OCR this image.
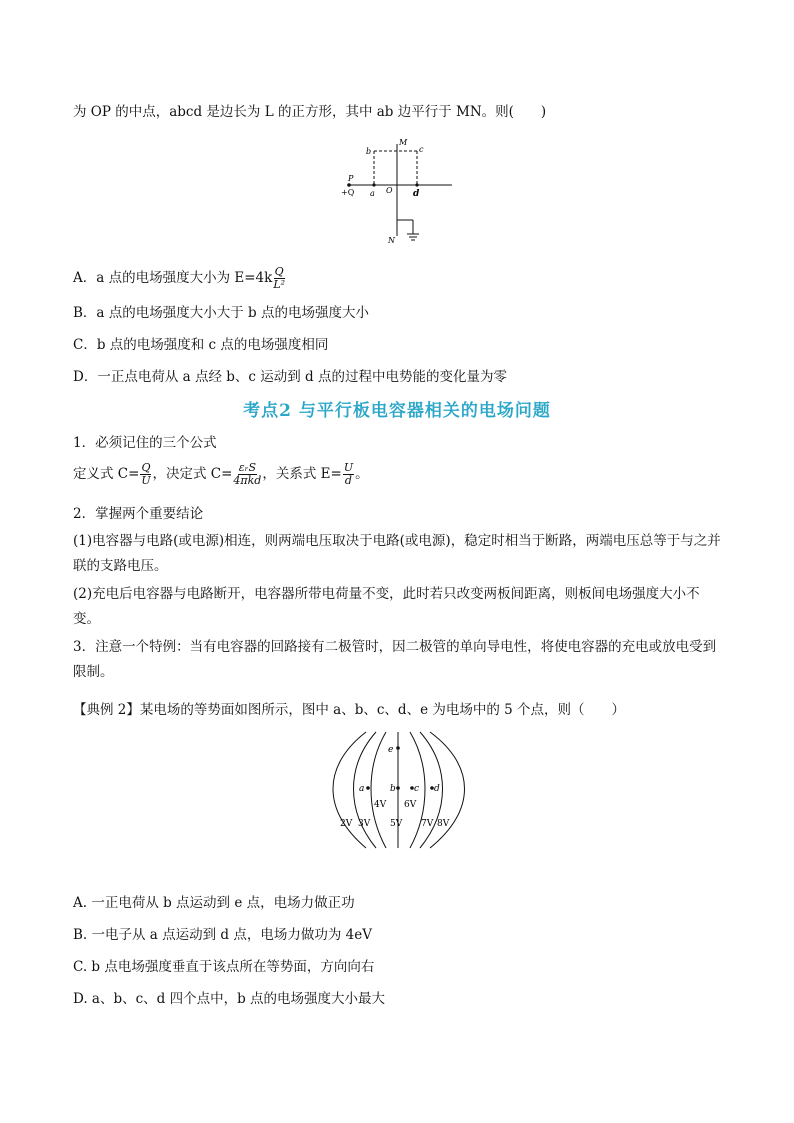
为 OP 的中点，abcd 是边长为 L 的正方形，其中 ab 边平行于 MN。则(　　)
M
b	c
P
+Q a O d
N
A．a 点的电场强度大小为 $E=4k \frac{Q}{\text{L²}}$
B．a 点的电场强度大小大于 b 点的电场强度大小
C．b 点的电场强度和 c 点的电场强度相同
D．一正点电荷从 a 点经 b、c 运动到 d 点的过程中电势能的变化量为零
考点2 与平行板电容器相关的电场问题
1．必须记住的三个公式
定义式 $C= \frac{Q}{U}$ ，决定式 $C= \frac{\text{εᵣS}}{\text{4πkd}}$ ，关系式 $E= \frac{U}{d}$ 。
2．掌握两个重要结论
(1)电容器与电路(或电源)相连，则两端电压取决于电路(或电源)，稳定时相当于断路，两端电压总等于与之并联的支路电压。
(2)充电后电容器与电路断开，电容器所带电荷量不变，此时若只改变两板间距离，则板间电场强度大小不变。
3．注意一个特例：当有电容器的回路接有二极管时，因二极管的单向导电性，将使电容器的充电或放电受到限制。
【典例 2】某电场的等势面如图所示，图中 a、b、c、d、e 为电场中的 5 个点，则（　　）
a	b c d
e
2V 3V
4V
5V
6V
7V 8V
A. 一正电荷从 b 点运动到 e 点，电场力做正功
B. 一电子从 a 点运动到 d 点，电场力做功为 4eV
C. b 点电场强度垂直于该点所在等势面，方向向右
D. a、b、c、d 四个点中，b 点的电场强度大小最大
